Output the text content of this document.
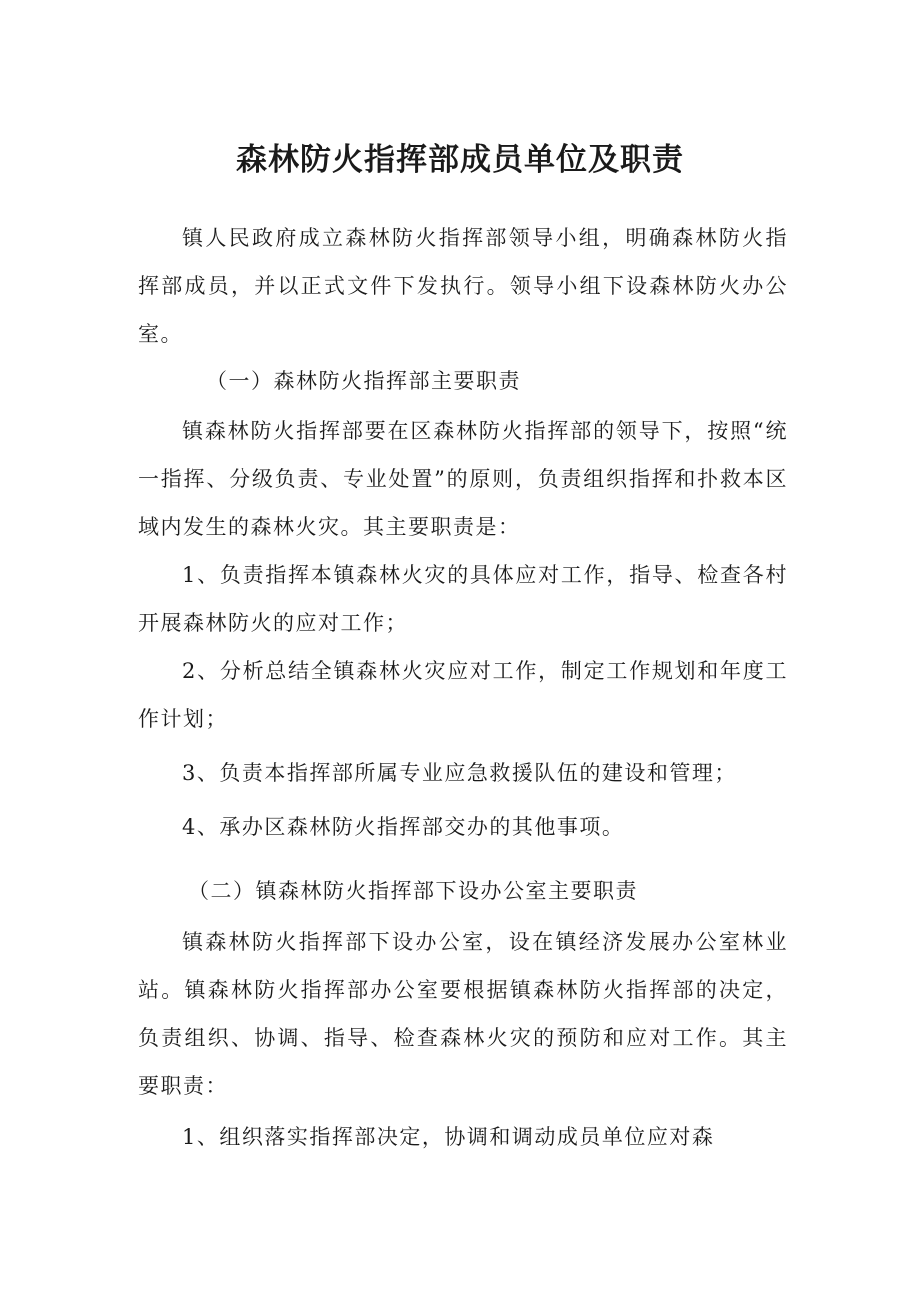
森林防火指挥部成员单位及职责

镇人民政府成立森林防火指挥部领导小组，明确森林防火指挥部成员，并以正式文件下发执行。领导小组下设森林防火办公室。

（一）森林防火指挥部主要职责

镇森林防火指挥部要在区森林防火指挥部的领导下，按照“统一指挥、分级负责、专业处置”的原则，负责组织指挥和扑救本区域内发生的森林火灾。其主要职责是：

1、负责指挥本镇森林火灾的具体应对工作，指导、检查各村开展森林防火的应对工作；

2、分析总结全镇森林火灾应对工作，制定工作规划和年度工作计划；

3、负责本指挥部所属专业应急救援队伍的建设和管理；

4、承办区森林防火指挥部交办的其他事项。

（二）镇森林防火指挥部下设办公室主要职责

镇森林防火指挥部下设办公室，设在镇经济发展办公室林业站。镇森林防火指挥部办公室要根据镇森林防火指挥部的决定，负责组织、协调、指导、检查森林火灾的预防和应对工作。其主要职责：

1、组织落实指挥部决定，协调和调动成员单位应对森
